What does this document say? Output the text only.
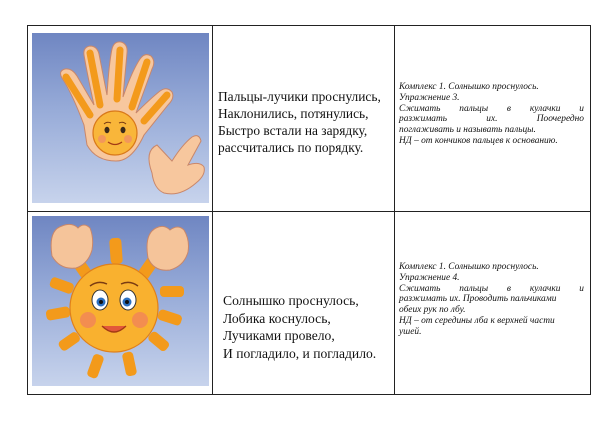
Пальцы-лучики проснулись,
Наклонились, потянулись,
Быстро встали на зарядку,
рассчитались по порядку.
Комплекс 1. Солнышко проснулось.
Упражнение 3.
Сжимать пальцы в кулачки и
разжимать	их.	Поочередно
поглаживать и называть пальцы.
НД – от кончиков пальцев к основанию.
Солнышко проснулось,
Лобика коснулось,
Лучиками провело,
И погладило, и погладило.
Комплекс 1. Солнышко проснулось.
Упражнение 4.
Сжимать пальцы в кулачки и
разжимать их. Проводить пальчиками
обеих рук по лбу.
НД – от середины лба к верхней части
ушей.
